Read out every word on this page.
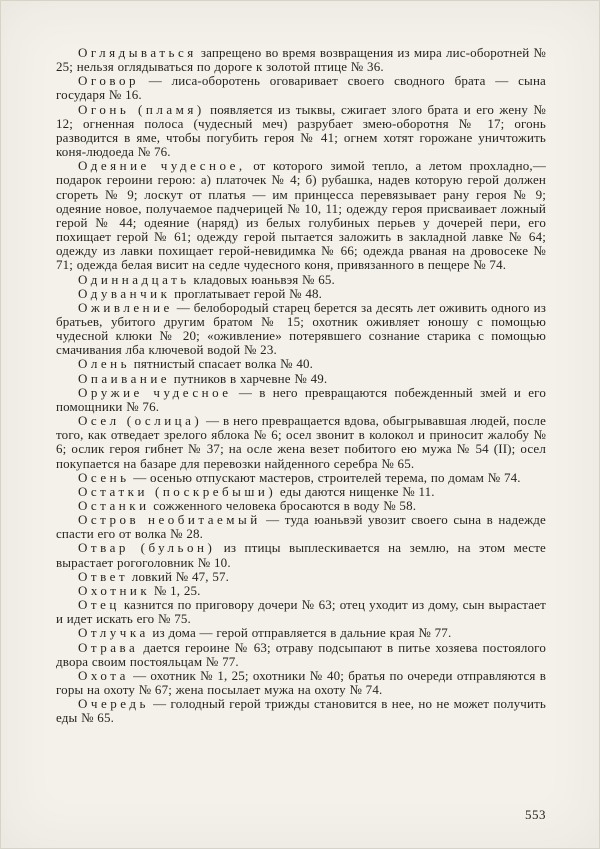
Оглядываться запрещено во время возвращения из мира лис-оборотней № 25; нельзя оглядываться по дороге к золотой птице № 36.

Оговор — лиса-оборотень оговаривает своего сводного брата — сына государя № 16.

Огонь (пламя) появляется из тыквы, сжигает злого брата и его жену № 12; огненная полоса (чудесный меч) разрубает змею-оборотня № 17; огонь разводится в яме, чтобы погубить героя № 41; огнем хотят горожане уничтожить коня-людоеда № 76.

Одеяние чудесное, от которого зимой тепло, а летом прохладно,— подарок героини герою: а) платочек № 4; б) рубашка, надев которую герой должен сгореть № 9; лоскут от платья — им принцесса перевязывает рану героя № 9; одеяние новое, получаемое падчерицей № 10, 11; одежду героя присваивает ложный герой № 44; одеяние (наряд) из белых голубиных перьев у дочерей пери, его похищает герой № 61; одежду герой пытается заложить в закладной лавке № 64; одежду из лавки похищает герой-невидимка № 66; одежда рваная на дровосеке № 71; одежда белая висит на седле чудесного коня, привязанного в пещере № 74.

Одиннадцать кладовых юаньвэя № 65.

Одуванчик проглатывает герой № 48.

Оживление — белобородый старец берется за десять лет оживить одного из братьев, убитого другим братом № 15; охотник оживляет юношу с помощью чудесной клюки № 20; «оживление» потерявшего сознание старика с помощью смачивания лба ключевой водой № 23.

Олень пятнистый спасает волка № 40.

Опаивание путников в харчевне № 49.

Оружие чудесное — в него превращаются побежденный змей и его помощники № 76.

Осел (ослица) — в него превращается вдова, обыгрывавшая людей, после того, как отведает зрелого яблока № 6; осел звонит в колокол и приносит жалобу № 6; ослик героя гибнет № 37; на осле жена везет побитого ею мужа № 54 (II); осел покупается на базаре для перевозки найденного серебра № 65.

Осень — осенью отпускают мастеров, строителей терема, по домам № 74.

Остатки (поскребыши) еды даются нищенке № 11.

Останки сожженного человека бросаются в воду № 58.

Остров необитаемый — туда юаньвэй увозит своего сына в надежде спасти его от волка № 28.

Отвар (бульон) из птицы выплескивается на землю, на этом месте вырастает рогоголовник № 10.

Ответ ловкий № 47, 57.

Охотник № 1, 25.

Отец казнится по приговору дочери № 63; отец уходит из дому, сын вырастает и идет искать его № 75.

Отлучка из дома — герой отправляется в дальние края № 77.

Отрава дается героине № 63; отраву подсыпают в питье хозяева постоялого двора своим постояльцам № 77.

Охота — охотник № 1, 25; охотники № 40; братья по очереди отправляются в горы на охоту № 67; жена посылает мужа на охоту № 74.

Очередь — голодный герой трижды становится в нее, но не может получить еды № 65.

553
